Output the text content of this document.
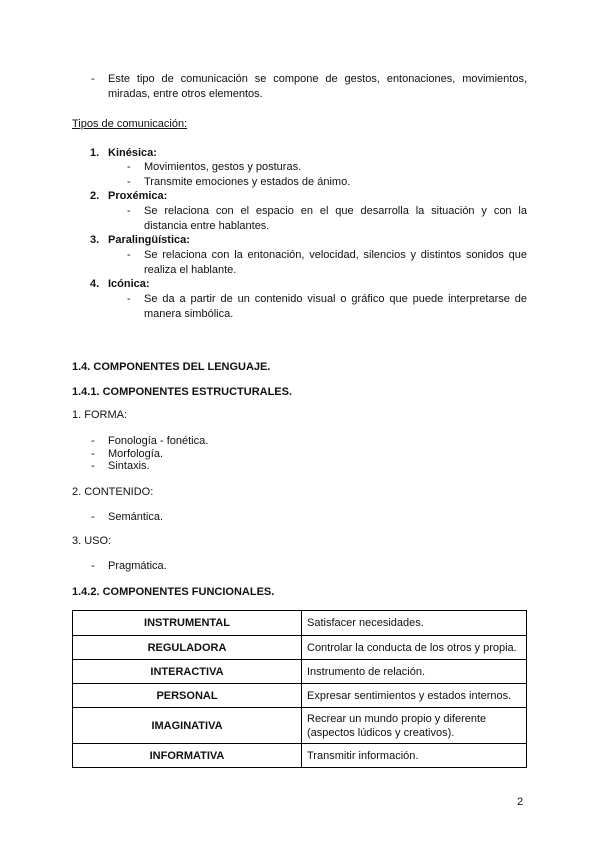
-	Este tipo de comunicación se compone de gestos, entonaciones, movimientos,
miradas, entre otros elementos.
Tipos de comunicación:
1. Kinésica:
-	Movimientos, gestos y posturas.
-	Transmite emociones y estados de ánimo.
2. Proxémica:
-	Se relaciona con el espacio en el que desarrolla la situación y con la
distancia entre hablantes.
3. Paralingüística:
-	Se relaciona con la entonación, velocidad, silencios y distintos sonidos que
realiza el hablante.
4. Icónica:
-	Se da a partir de un contenido visual o gráfico que puede interpretarse de
manera simbólica.
1.4. COMPONENTES DEL LENGUAJE.
1.4.1. COMPONENTES ESTRUCTURALES.
1. FORMA:
-	Fonología - fonética.
-	Morfología.
-	Sintaxis.
2. CONTENIDO:
-	Semántica.
3. USO:
-	Pragmática.
1.4.2. COMPONENTES FUNCIONALES.
INSTRUMENTAL	Satisfacer necesidades.
REGULADORA	Controlar la conducta de los otros y propia.
INTERACTIVA	Instrumento de relación.
PERSONAL	Expresar sentimientos y estados internos.
IMAGINATIVA	Recrear un mundo propio y diferente
(aspectos lúdicos y creativos).

INFORMATIVA	Transmitir información.
2
